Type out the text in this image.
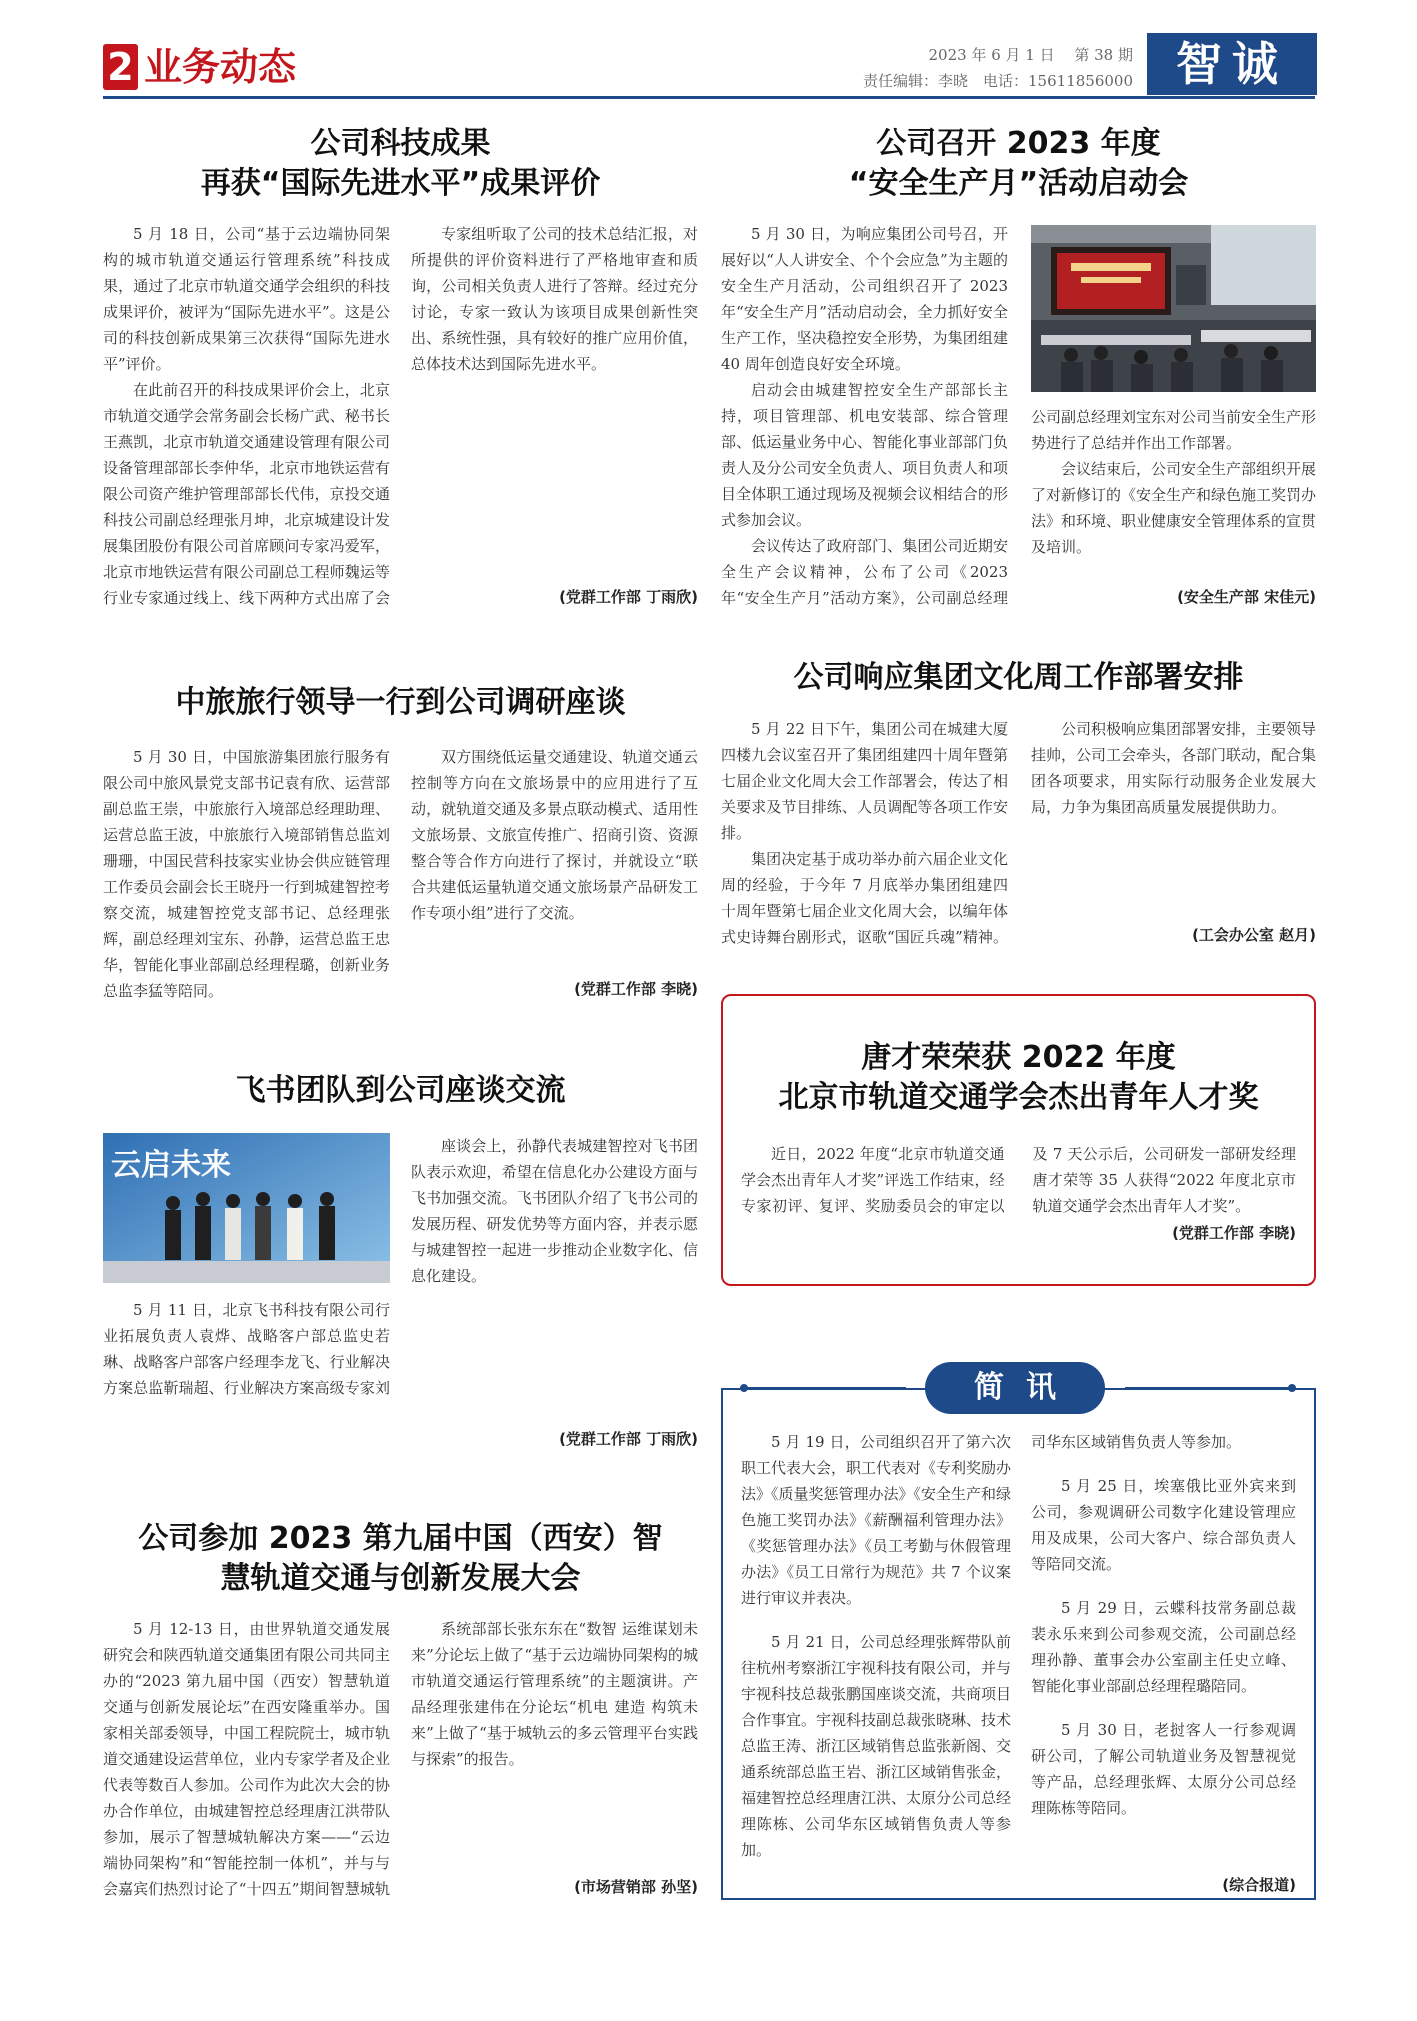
2 业务动态	2023 年 6 月 1 日　 第 38 期
责任编辑：李晓　电话：15611856000 智诚
公司科技成果
再获“国际先进水平”成果评价

5 月 18 日，公司“基于云边端协同架构的城市轨道交通运行管理系统”科技成果，通过了北京市轨道交通学会组织的科技成果评价，被评为“国际先进水平”。这是公司的科技创新成果第三次获得“国际先进水平”评价。

在此前召开的科技成果评价会上，北京市轨道交通学会常务副会长杨广武、秘书长王燕凯，北京市轨道交通建设管理有限公司设备管理部部长李仲华，北京市地铁运营有限公司资产维护管理部部长代伟，京投交通科技公司副总经理张月坤，北京城建设计发展集团股份有限公司首席顾问专家冯爱军，北京市地铁运营有限公司副总工程师魏运等行业专家通过线上、线下两种方式出席了会

专家组听取了公司的技术总结汇报，对所提供的评价资料进行了严格地审查和质询，公司相关负责人进行了答辩。经过充分讨论，专家一致认为该项目成果创新性突出、系统性强，具有较好的推广应用价值，总体技术达到国际先进水平。

(党群工作部 丁雨欣)
公司召开 2023 年度
“安全生产月”活动启动会

5 月 30 日，为响应集团公司号召，开展好以“人人讲安全、个个会应急”为主题的安全生产月活动，公司组织召开了 2023 年“安全生产月”活动启动会，全力抓好安全生产工作，坚决稳控安全形势，为集团组建 40 周年创造良好安全环境。

启动会由城建智控安全生产部部长主持，项目管理部、机电安装部、综合管理部、低运量业务中心、智能化事业部部门负责人及分公司安全负责人、项目负责人和项目全体职工通过现场及视频会议相结合的形式参加会议。

会议传达了政府部门、集团公司近期安全生产会议精神，公布了公司《2023 年“安全生产月”活动方案》，公司副总经理

公司副总经理刘宝东对公司当前安全生产形势进行了总结并作出工作部署。

会议结束后，公司安全生产部组织开展了对新修订的《安全生产和绿色施工奖罚办法》和环境、职业健康安全管理体系的宣贯及培训。

(安全生产部 宋佳元)
中旅旅行领导一行到公司调研座谈

5 月 30 日，中国旅游集团旅行服务有限公司中旅风景党支部书记袁有欣、运营部副总监王崇，中旅旅行入境部总经理助理、运营总监王波，中旅旅行入境部销售总监刘珊珊，中国民营科技家实业协会供应链管理工作委员会副会长王晓丹一行到城建智控考察交流，城建智控党支部书记、总经理张辉，副总经理刘宝东、孙静，运营总监王忠华，智能化事业部副总经理程璐，创新业务总监李猛等陪同。

双方围绕低运量交通建设、轨道交通云控制等方向在文旅场景中的应用进行了互动，就轨道交通及多景点联动模式、适用性文旅场景、文旅宣传推广、招商引资、资源整合等合作方向进行了探讨，并就设立“联合共建低运量轨道交通文旅场景产品研发工作专项小组”进行了交流。

(党群工作部 李晓)
公司响应集团文化周工作部署安排

5 月 22 日下午，集团公司在城建大厦四楼九会议室召开了集团组建四十周年暨第七届企业文化周大会工作部署会，传达了相关要求及节目排练、人员调配等各项工作安排。

集团决定基于成功举办前六届企业文化周的经验，于今年 7 月底举办集团组建四十周年暨第七届企业文化周大会，以编年体式史诗舞台剧形式，讴歌“国匠兵魂”精神。

公司积极响应集团部署安排，主要领导挂帅，公司工会牵头，各部门联动，配合集团各项要求，用实际行动服务企业发展大局，力争为集团高质量发展提供助力。

(工会办公室 赵月)
唐才荣荣获 2022 年度
北京市轨道交通学会杰出青年人才奖

近日，2022 年度“北京市轨道交通学会杰出青年人才奖”评选工作结束，经专家初评、复评、奖励委员会的审定以及 7 天公示后，公司研发一部研发经理唐才荣等 35 人获得“2022 年度北京市轨道交通学会杰出青年人才奖”。

(党群工作部 李晓)
飞书团队到公司座谈交流
云启未来

5 月 11 日，北京飞书科技有限公司行业拓展负责人袁烨、战略客户部总监史若琳、战略客户部客户经理李龙飞、行业解决方案总监靳瑞超、行业解决方案高级专家刘

座谈会上，孙静代表城建智控对飞书团队表示欢迎，希望在信息化办公建设方面与飞书加强交流。飞书团队介绍了飞书公司的发展历程、研发优势等方面内容，并表示愿与城建智控一起进一步推动企业数字化、信息化建设。

(党群工作部 丁雨欣)
公司参加 2023 第九届中国（西安）智
慧轨道交通与创新发展大会

5 月 12-13 日，由世界轨道交通发展研究会和陕西轨道交通集团有限公司共同主办的“2023 第九届中国（西安）智慧轨道交通与创新发展论坛”在西安隆重举办。国家相关部委领导，中国工程院院士，城市轨道交通建设运营单位，业内专家学者及企业代表等数百人参加。公司作为此次大会的协办合作单位，由城建智控总经理唐江洪带队参加，展示了智慧城轨解决方案——“云边端协同架构”和“智能控制一体机”，并与与会嘉宾们热烈讨论了“十四五”期间智慧城轨

系统部部长张东东在“数智 运维谋划未来”分论坛上做了“基于云边端协同架构的城市轨道交通运行管理系统”的主题演讲。产品经理张建伟在分论坛“机电 建造 构筑未来”上做了“基于城轨云的多云管理平台实践与探索”的报告。

(市场营销部 孙坚)
简讯

5 月 19 日，公司组织召开了第六次职工代表大会，职工代表对《专利奖励办法》《质量奖惩管理办法》《安全生产和绿色施工奖罚办法》《薪酬福利管理办法》《奖惩管理办法》《员工考勤与休假管理办法》《员工日常行为规范》共 7 个议案进行审议并表决。

5 月 21 日，公司总经理张辉带队前往杭州考察浙江宇视科技有限公司，并与宇视科技总裁张鹏国座谈交流，共商项目合作事宜。宇视科技副总裁张晓琳、技术总监王涛、浙江区域销售总监张新阁、交通系统部总监王岩、浙江区域销售张金，福建智控总经理唐江洪、太原分公司总经理陈栋、公司华东区域销售负责人等参加。

司华东区域销售负责人等参加。

5 月 25 日，埃塞俄比亚外宾来到公司，参观调研公司数字化建设管理应用及成果，公司大客户、综合部负责人等陪同交流。

5 月 29 日，云蝶科技常务副总裁裴永乐来到公司参观交流，公司副总经理孙静、董事会办公室副主任史立峰、智能化事业部副总经理程璐陪同。

5 月 30 日，老挝客人一行参观调研公司，了解公司轨道业务及智慧视觉等产品，总经理张辉、太原分公司总经理陈栋等陪同。

(综合报道)
